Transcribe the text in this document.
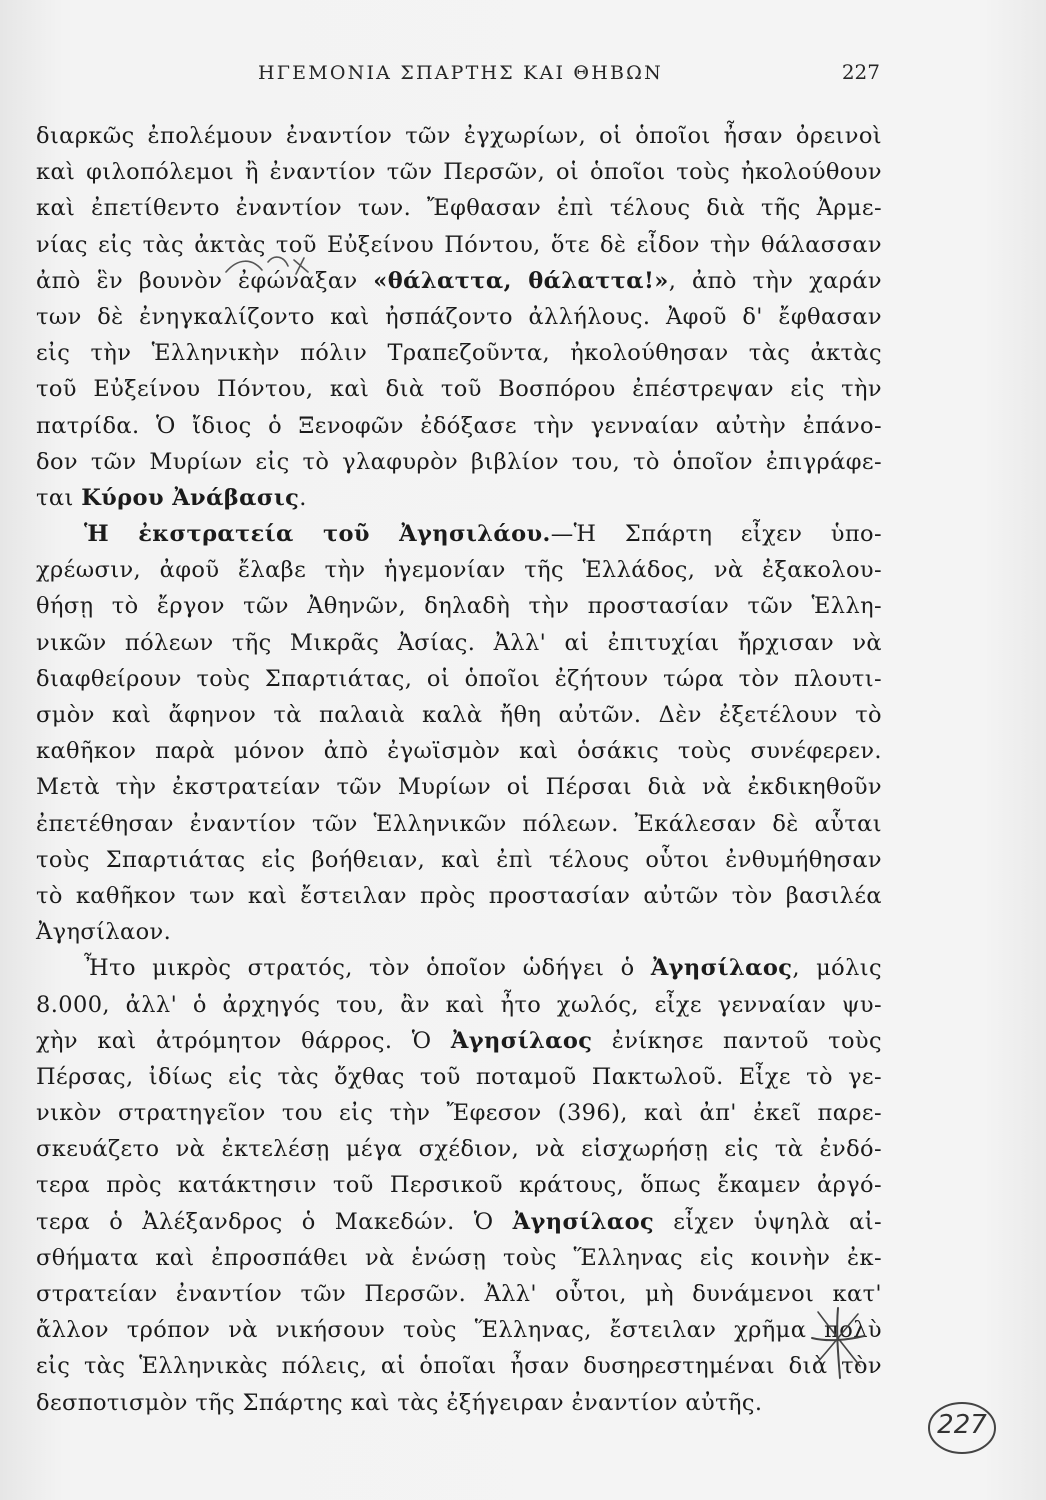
ΗΓΕΜΟΝΙΑ ΣΠΑΡΤΗΣ ΚΑΙ ΘΗΒΩΝ	227
διαρκῶς ἐπολέμουν ἐναντίον τῶν ἐγχωρίων, οἱ ὁποῖοι ἦσαν ὀρεινοὶ
καὶ φιλοπόλεμοι ἢ ἐναντίον τῶν Περσῶν, οἱ ὁποῖοι τοὺς ἠκολούθουν
καὶ ἐπετίθεντο ἐναντίον των. Ἔφθασαν ἐπὶ τέλους διὰ τῆς Ἀρμε-
νίας εἰς τὰς ἀκτὰς τοῦ Εὐξείνου Πόντου, ὅτε δὲ εἶδον τὴν θάλασσαν
ἀπὸ ἓν βουνὸν ἐφώναξαν «θάλαττα, θάλαττα!», ἀπὸ τὴν χαράν
των δὲ ἐνηγκαλίζοντο καὶ ἠσπάζοντο ἀλλήλους. Ἀφοῦ δ' ἔφθασαν
εἰς τὴν Ἑλληνικὴν πόλιν Τραπεζοῦντα, ἠκολούθησαν τὰς ἀκτὰς
τοῦ Εὐξείνου Πόντου, καὶ διὰ τοῦ Βοσπόρου ἐπέστρεψαν εἰς τὴν
πατρίδα. Ὁ ἴδιος ὁ Ξενοφῶν ἐδόξασε τὴν γενναίαν αὐτὴν ἐπάνο-
δον τῶν Μυρίων εἰς τὸ γλαφυρὸν βιβλίον του, τὸ ὁποῖον ἐπιγράφε-
ται Κύρου Ἀνάβασις.
Ἡ ἐκστρατεία τοῦ Ἀγησιλάου.—Ἡ Σπάρτη εἶχεν ὑπο-
χρέωσιν, ἀφοῦ ἔλαβε τὴν ἡγεμονίαν τῆς Ἑλλάδος, νὰ ἐξακολου-
θήσῃ τὸ ἔργον τῶν Ἀθηνῶν, δηλαδὴ τὴν προστασίαν τῶν Ἑλλη-
νικῶν πόλεων τῆς Μικρᾶς Ἀσίας. Ἀλλ' αἱ ἐπιτυχίαι ἤρχισαν νὰ
διαφθείρουν τοὺς Σπαρτιάτας, οἱ ὁποῖοι ἐζήτουν τώρα τὸν πλουτι-
σμὸν καὶ ἄφηνον τὰ παλαιὰ καλὰ ἤθη αὐτῶν. Δὲν ἐξετέλουν τὸ
καθῆκον παρὰ μόνον ἀπὸ ἐγωϊσμὸν καὶ ὁσάκις τοὺς συνέφερεν.
Μετὰ τὴν ἐκστρατείαν τῶν Μυρίων οἱ Πέρσαι διὰ νὰ ἐκδικηθοῦν
ἐπετέθησαν ἐναντίον τῶν Ἑλληνικῶν πόλεων. Ἐκάλεσαν δὲ αὗται
τοὺς Σπαρτιάτας εἰς βοήθειαν, καὶ ἐπὶ τέλους οὗτοι ἐνθυμήθησαν
τὸ καθῆκον των καὶ ἔστειλαν πρὸς προστασίαν αὐτῶν τὸν βασιλέα
Ἀγησίλαον.
Ἦτο μικρὸς στρατός, τὸν ὁποῖον ὡδήγει ὁ Ἀγησίλαος, μόλις
8.000, ἀλλ' ὁ ἀρχηγός του, ἂν καὶ ἦτο χωλός, εἶχε γενναίαν ψυ-
χὴν καὶ ἀτρόμητον θάρρος. Ὁ Ἀγησίλαος ἐνίκησε παντοῦ τοὺς
Πέρσας, ἰδίως εἰς τὰς ὄχθας τοῦ ποταμοῦ Πακτωλοῦ. Εἶχε τὸ γε-
νικὸν στρατηγεῖον του εἰς τὴν Ἔφεσον (396), καὶ ἀπ' ἐκεῖ παρε-
σκευάζετο νὰ ἐκτελέσῃ μέγα σχέδιον, νὰ εἰσχωρήσῃ εἰς τὰ ἐνδό-
τερα πρὸς κατάκτησιν τοῦ Περσικοῦ κράτους, ὅπως ἔκαμεν ἀργό-
τερα ὁ Ἀλέξανδρος ὁ Μακεδών. Ὁ Ἀγησίλαος εἶχεν ὑψηλὰ αἰ-
σθήματα καὶ ἐπροσπάθει νὰ ἑνώσῃ τοὺς Ἕλληνας εἰς κοινὴν ἐκ-
στρατείαν ἐναντίον τῶν Περσῶν. Ἀλλ' οὗτοι, μὴ δυνάμενοι κατ'
ἄλλον τρόπον νὰ νικήσουν τοὺς Ἕλληνας, ἔστειλαν χρῆμα πολὺ
εἰς τὰς Ἑλληνικὰς πόλεις, αἱ ὁποῖαι ἦσαν δυσηρεστημέναι διὰ τὸν
δεσποτισμὸν τῆς Σπάρτης καὶ τὰς ἐξήγειραν ἐναντίον αὐτῆς.
227
